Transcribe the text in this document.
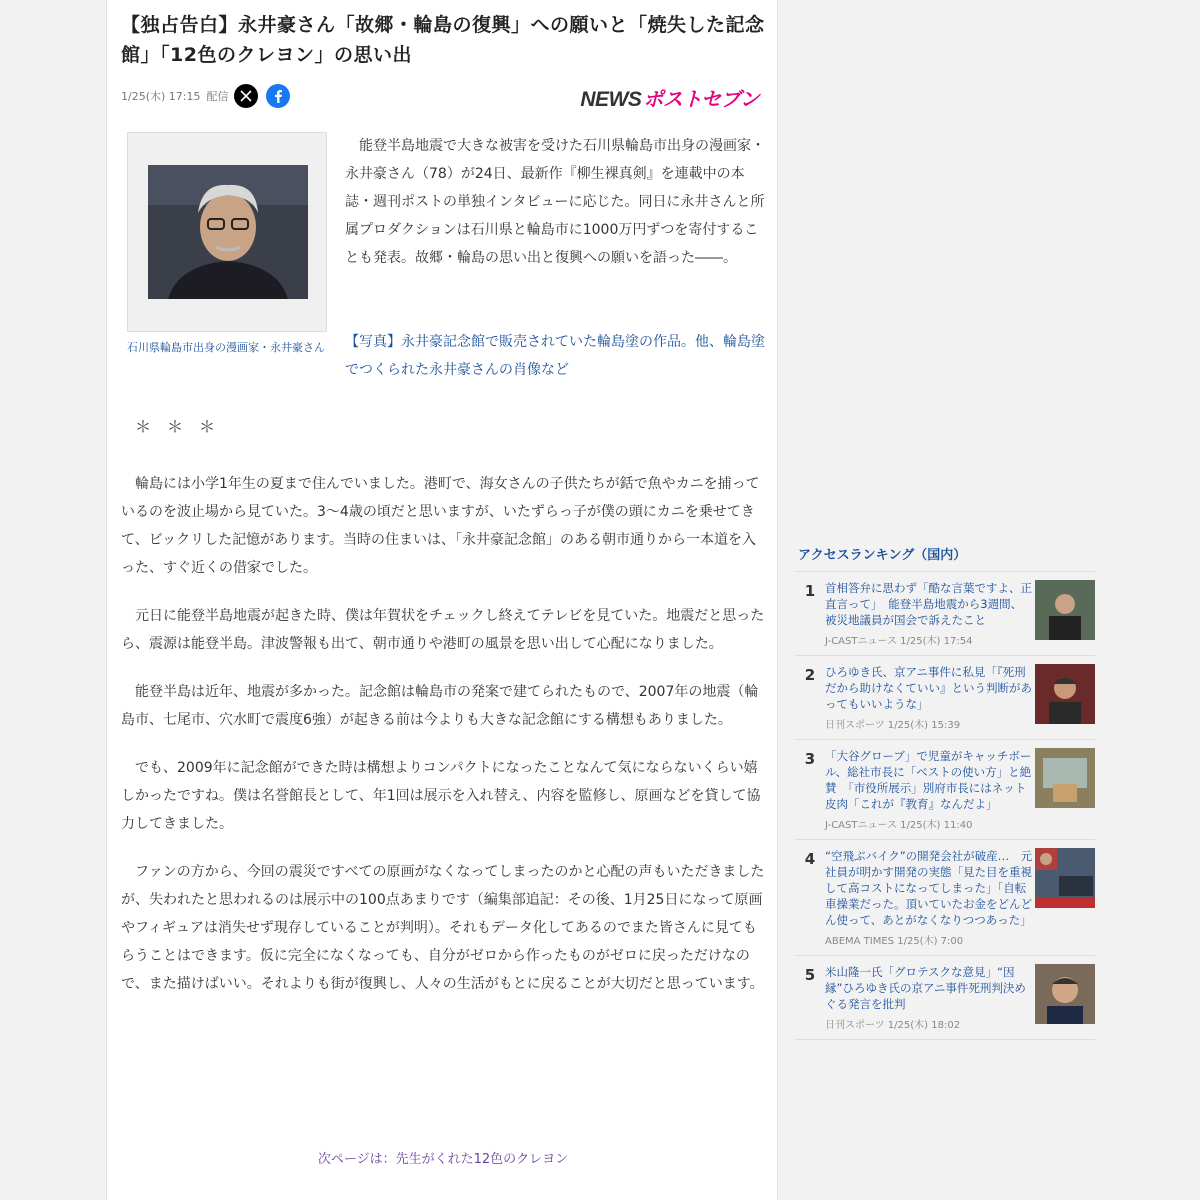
【独占告白】永井豪さん「故郷・輪島の復興」への願いと「焼失した記念館」「12色のクレヨン」の思い出
1/25(木) 17:15 配信	NEWS ポストセブン
石川県輪島市出身の漫画家・永井豪さん

能登半島地震で大きな被害を受けた石川県輪島市出身の漫画家・永井豪さん（78）が24日、最新作『柳生裸真剣』を連載中の本誌・週刊ポストの単独インタビューに応じた。同日に永井さんと所属プロダクションは石川県と輪島市に1000万円ずつを寄付することも発表。故郷・輪島の思い出と復興への願いを語った――。

【写真】永井豪記念館で販売されていた輪島塗の作品。他、輪島塗でつくられた永井豪さんの肖像など
＊　＊　＊

輪島には小学1年生の夏まで住んでいました。港町で、海女さんの子供たちが銛で魚やカニを捕っているのを波止場から見ていた。3～4歳の頃だと思いますが、いたずらっ子が僕の頭にカニを乗せてきて、ビックリした記憶があります。当時の住まいは、「永井豪記念館」のある朝市通りから一本道を入った、すぐ近くの借家でした。

元日に能登半島地震が起きた時、僕は年賀状をチェックし終えてテレビを見ていた。地震だと思ったら、震源は能登半島。津波警報も出て、朝市通りや港町の風景を思い出して心配になりました。

能登半島は近年、地震が多かった。記念館は輪島市の発案で建てられたもので、2007年の地震（輪島市、七尾市、穴水町で震度6強）が起きる前は今よりも大きな記念館にする構想もありました。

でも、2009年に記念館ができた時は構想よりコンパクトになったことなんて気にならないくらい嬉しかったですね。僕は名誉館長として、年1回は展示を入れ替え、内容を監修し、原画などを貸して協力してきました。

ファンの方から、今回の震災ですべての原画がなくなってしまったのかと心配の声もいただきましたが、失われたと思われるのは展示中の100点あまりです（編集部追記：その後、1月25日になって原画やフィギュアは消失せず現存していることが判明）。それもデータ化してあるのでまた皆さんに見てもらうことはできます。仮に完全になくなっても、自分がゼロから作ったものがゼロに戻っただけなので、また描けばいい。それよりも街が復興し、人々の生活がもとに戻ることが大切だと思っています。

次ページは：先生がくれた12色のクレヨン
アクセスランキング（国内）
1 首相答弁に思わず「酷な言葉ですよ、正直言って」　能登半島地震から3週間、被災地議員が国会で訴えたこと
J-CASTニュース 1/25(木) 17:54
2 ひろゆき氏、京アニ事件に私見「『死刑だから助けなくていい』という判断があってもいいような」
日刊スポーツ 1/25(木) 15:39
3 「大谷グローブ」で児童がキャッチボール、総社市長に「ベストの使い方」と絶賛　「市役所展示」別府市長にはネット皮肉「これが『教育』なんだよ」
J-CASTニュース 1/25(木) 11:40
4 “空飛ぶバイク”の開発会社が破産…　元社員が明かす開発の実態「見た目を重視して高コストになってしまった」「自転車操業だった。頂いていたお金をどんどん使って、あとがなくなりつつあった」
ABEMA TIMES 1/25(木) 7:00
5 米山隆一氏「グロテスクな意見」“因縁”ひろゆき氏の京アニ事件死刑判決めぐる発言を批判
日刊スポーツ 1/25(木) 18:02
